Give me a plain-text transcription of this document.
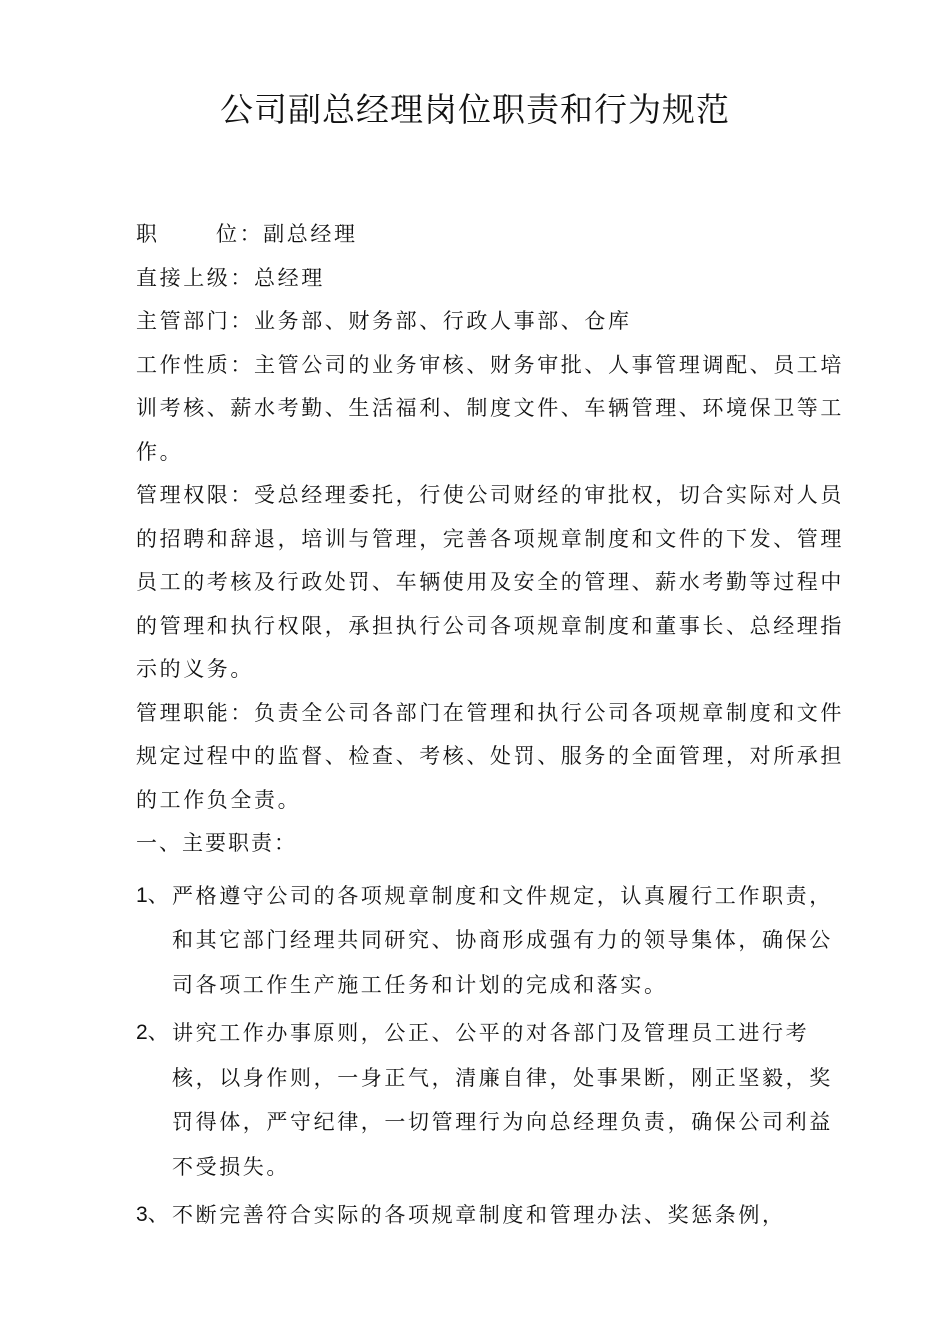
公司副总经理岗位职责和行为规范

职	位：副总经理

直接上级：总经理

主管部门：业务部、财务部、行政人事部、仓库

工作性质：主管公司的业务审核、财务审批、人事管理调配、员工培训考核、薪水考勤、生活福利、制度文件、车辆管理、环境保卫等工作。

管理权限：受总经理委托，行使公司财经的审批权，切合实际对人员的招聘和辞退，培训与管理，完善各项规章制度和文件的下发、管理员工的考核及行政处罚、车辆使用及安全的管理、薪水考勤等过程中的管理和执行权限，承担执行公司各项规章制度和董事长、总经理指示的义务。

管理职能：负责全公司各部门在管理和执行公司各项规章制度和文件规定过程中的监督、检查、考核、处罚、服务的全面管理，对所承担的工作负全责。

一、主要职责：

1、 严格遵守公司的各项规章制度和文件规定，认真履行工作职责，和其它部门经理共同研究、协商形成强有力的领导集体，确保公司各项工作生产施工任务和计划的完成和落实。
2、 讲究工作办事原则，公正、公平的对各部门及管理员工进行考核，以身作则，一身正气，清廉自律，处事果断，刚正坚毅，奖罚得体，严守纪律，一切管理行为向总经理负责，确保公司利益不受损失。
3、 不断完善符合实际的各项规章制度和管理办法、奖惩条例，
